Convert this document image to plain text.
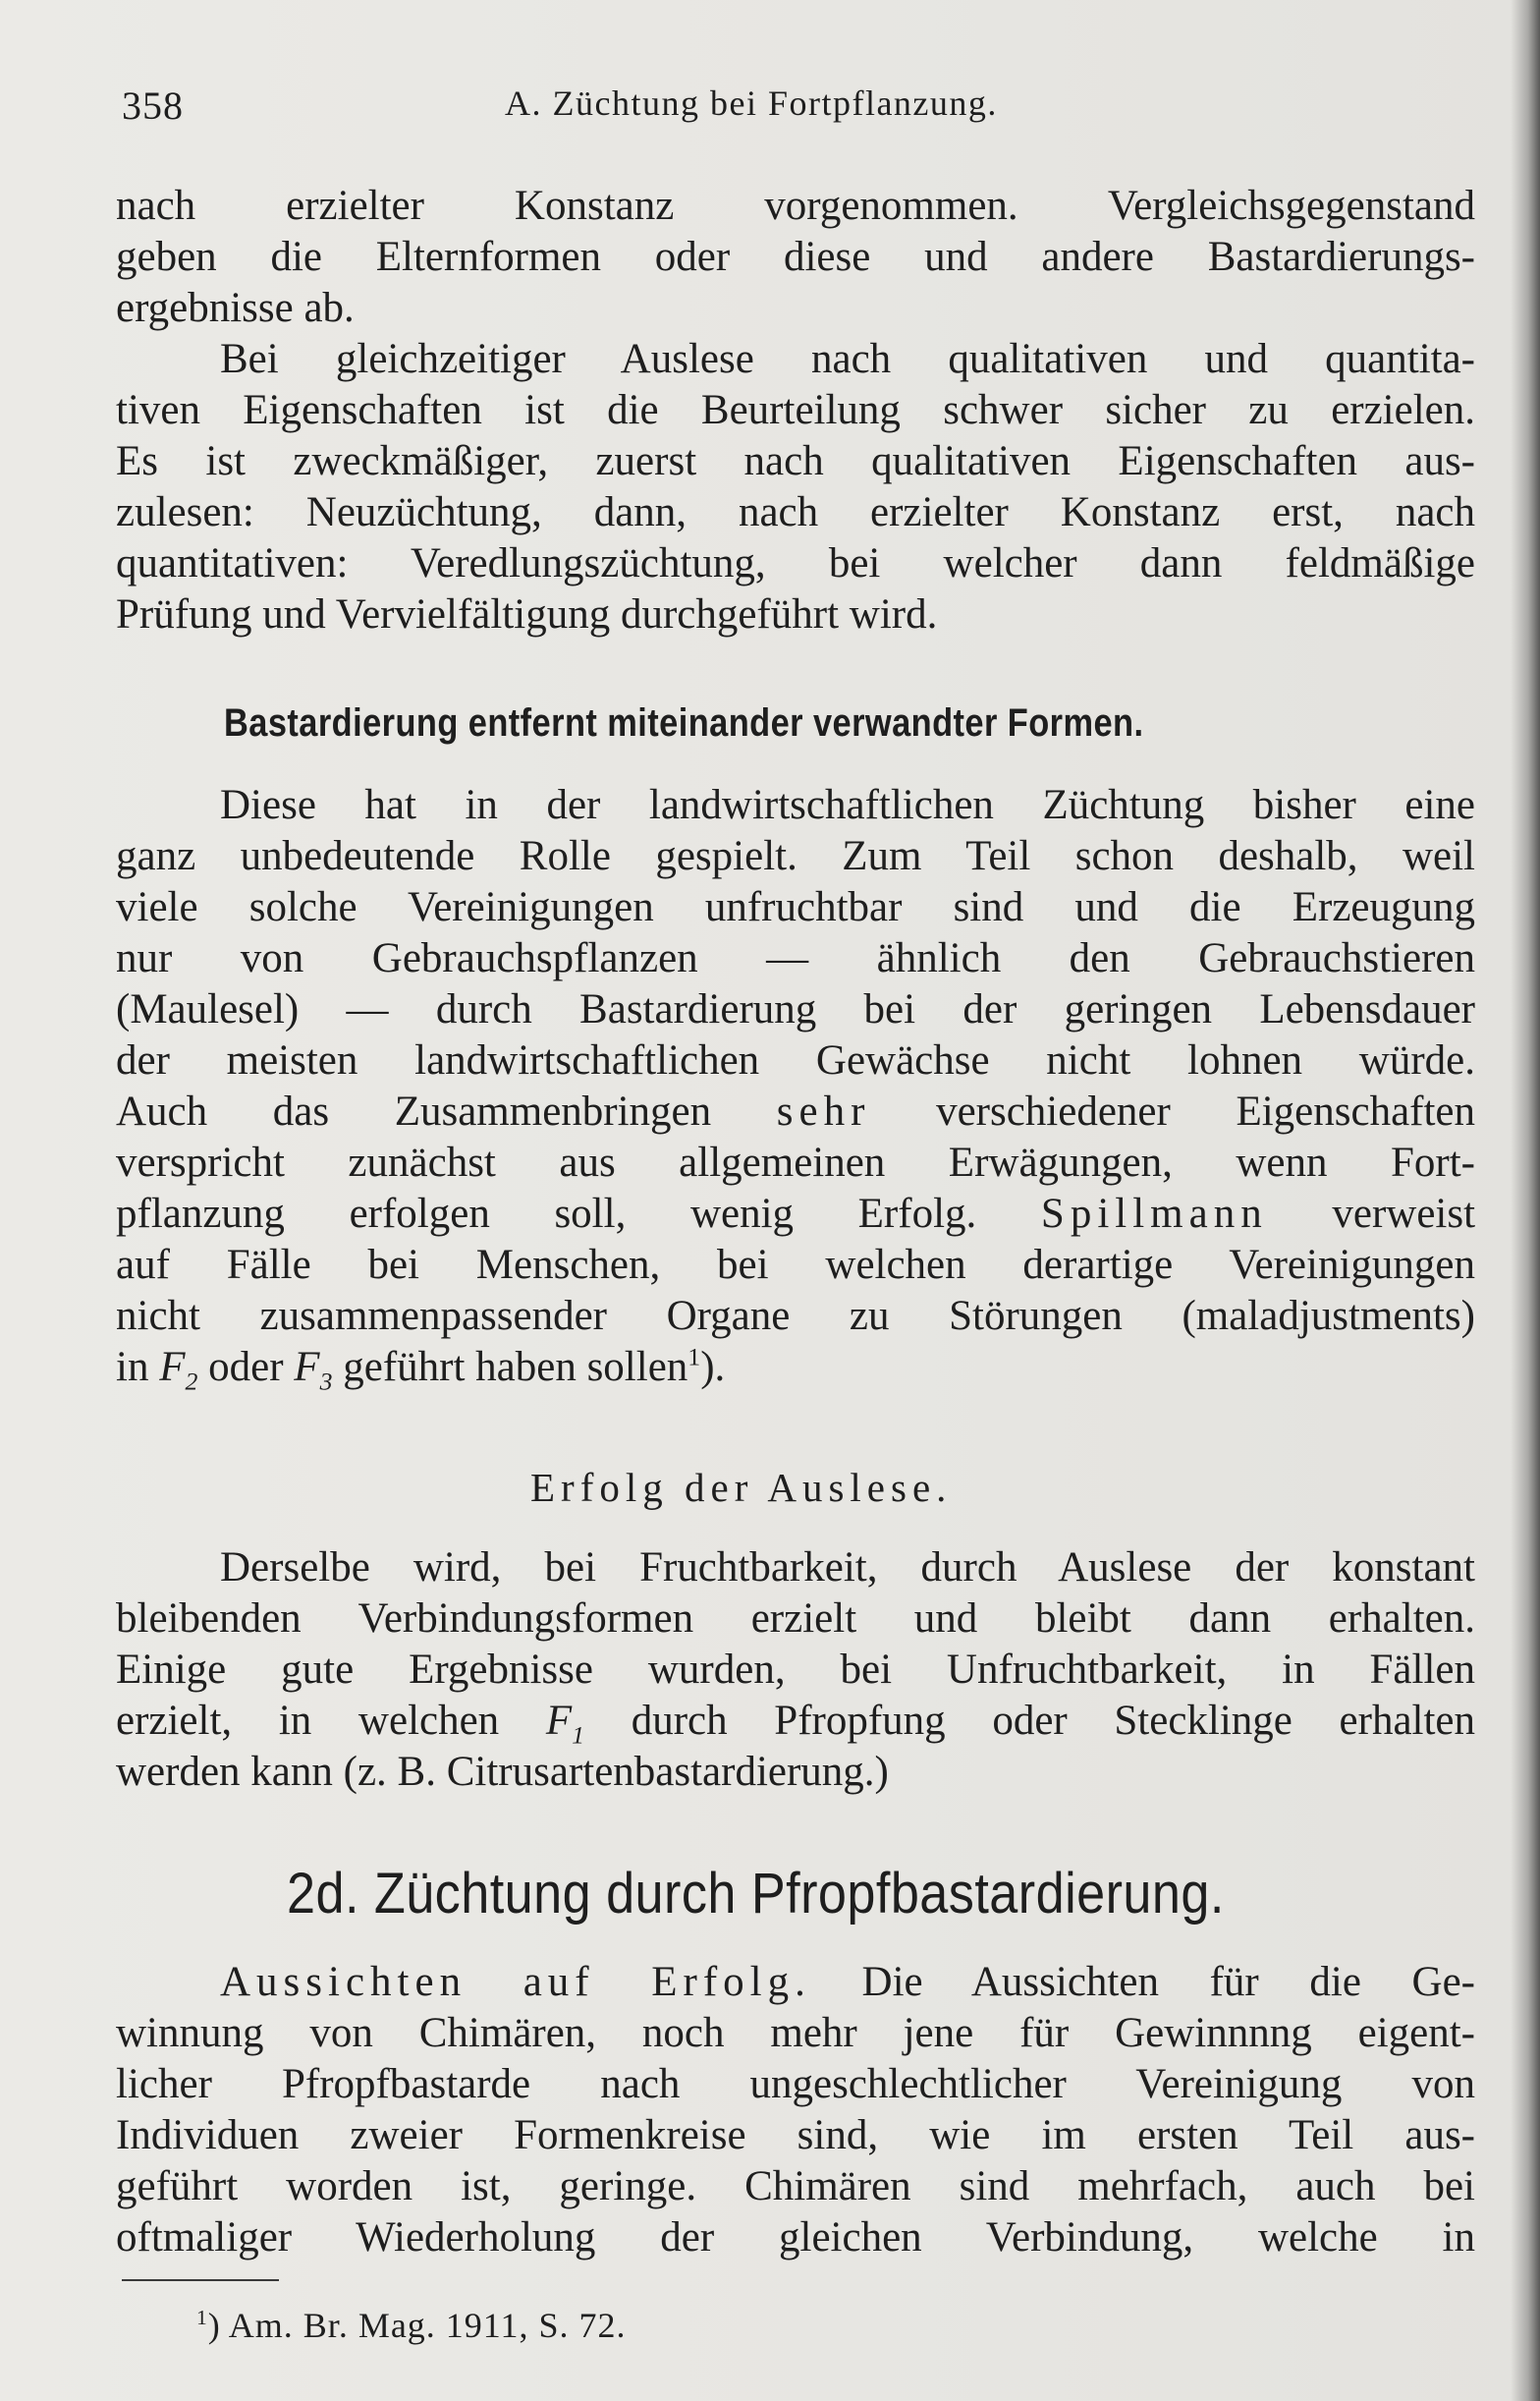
358	A. Züchtung bei Fortpflanzung.
nach erzielter Konstanz vorgenommen. Vergleichsgegenstand
geben die Elternformen oder diese und andere Bastardierungs-
ergebnisse ab.
Bei gleichzeitiger Auslese nach qualitativen und quantita-
tiven Eigenschaften ist die Beurteilung schwer sicher zu erzielen.
Es ist zweckmäßiger, zuerst nach qualitativen Eigenschaften aus-
zulesen: Neuzüchtung, dann, nach erzielter Konstanz erst, nach
quantitativen: Veredlungszüchtung, bei welcher dann feldmäßige
Prüfung und Vervielfältigung durchgeführt wird.
Bastardierung entfernt miteinander verwandter Formen.
Diese hat in der landwirtschaftlichen Züchtung bisher eine
ganz unbedeutende Rolle gespielt. Zum Teil schon deshalb, weil
viele solche Vereinigungen unfruchtbar sind und die Erzeugung
nur von Gebrauchspflanzen — ähnlich den Gebrauchstieren
(Maulesel) — durch Bastardierung bei der geringen Lebensdauer
der meisten landwirtschaftlichen Gewächse nicht lohnen würde.
Auch das Zusammenbringen sehr verschiedener Eigenschaften
verspricht zunächst aus allgemeinen Erwägungen, wenn Fort-
pflanzung erfolgen soll, wenig Erfolg. Spillmann verweist
auf Fälle bei Menschen, bei welchen derartige Vereinigungen
nicht zusammenpassender Organe zu Störungen (maladjustments)
in $F_2$ oder $F_3$ geführt haben sollen$^1$).
Erfolg der Auslese.
Derselbe wird, bei Fruchtbarkeit, durch Auslese der konstant
bleibenden Verbindungsformen erzielt und bleibt dann erhalten.
Einige gute Ergebnisse wurden, bei Unfruchtbarkeit, in Fällen
erzielt, in welchen $F_1$ durch Pfropfung oder Stecklinge erhalten
werden kann (z. B. Citrusartenbastardierung.)
2d. Züchtung durch Pfropfbastardierung.
Aussichten auf Erfolg. Die Aussichten für die Ge-
winnung von Chimären, noch mehr jene für Gewinnnng eigent-
licher Pfropfbastarde nach ungeschlechtlicher Vereinigung von
Individuen zweier Formenkreise sind, wie im ersten Teil aus-
geführt worden ist, geringe. Chimären sind mehrfach, auch bei
oftmaliger Wiederholung der gleichen Verbindung, welche in
$^1$) Am. Br. Mag. 1911, S. 72.
